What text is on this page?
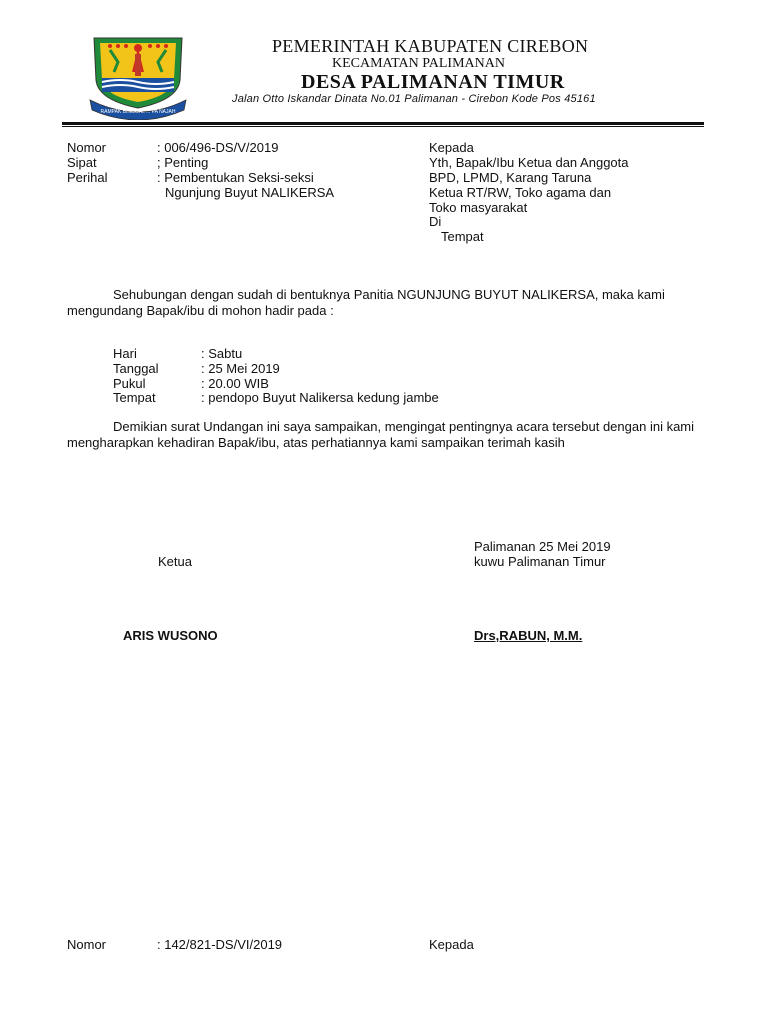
RAMPAK BINGGAL ... PA NAJAH
PEMERINTAH KABUPATEN CIREBON
KECAMATAN PALIMANAN
DESA PALIMANAN TIMUR
Jalan Otto Iskandar Dinata No.01 Palimanan - Cirebon Kode Pos 45161
Nomor	: 006/496-DS/V/2019
Sipat	; Penting
Perihal	: Pembentukan Seksi-seksi
Ngunjung Buyut NALIKERSA
Kepada
Yth, Bapak/Ibu Ketua dan Anggota
BPD, LPMD, Karang Taruna
Ketua RT/RW, Toko agama dan
Toko masyarakat
Di
Tempat
Sehubungan dengan sudah di bentuknya Panitia NGUNJUNG BUYUT NALIKERSA, maka kami mengundang Bapak/ibu di mohon hadir pada :
Hari	: Sabtu
Tanggal	: 25 Mei 2019
Pukul	: 20.00 WIB
Tempat	: pendopo Buyut Nalikersa kedung jambe
Demikian surat Undangan ini saya sampaikan, mengingat pentingnya acara tersebut dengan ini kami mengharapkan kehadiran Bapak/ibu, atas perhatiannya kami sampaikan terimah kasih
Palimanan 25 Mei 2019
Ketua	kuwu Palimanan Timur
ARIS WUSONO	Drs,RABUN, M.M.
Nomor	: 142/821-DS/VI/2019	Kepada
